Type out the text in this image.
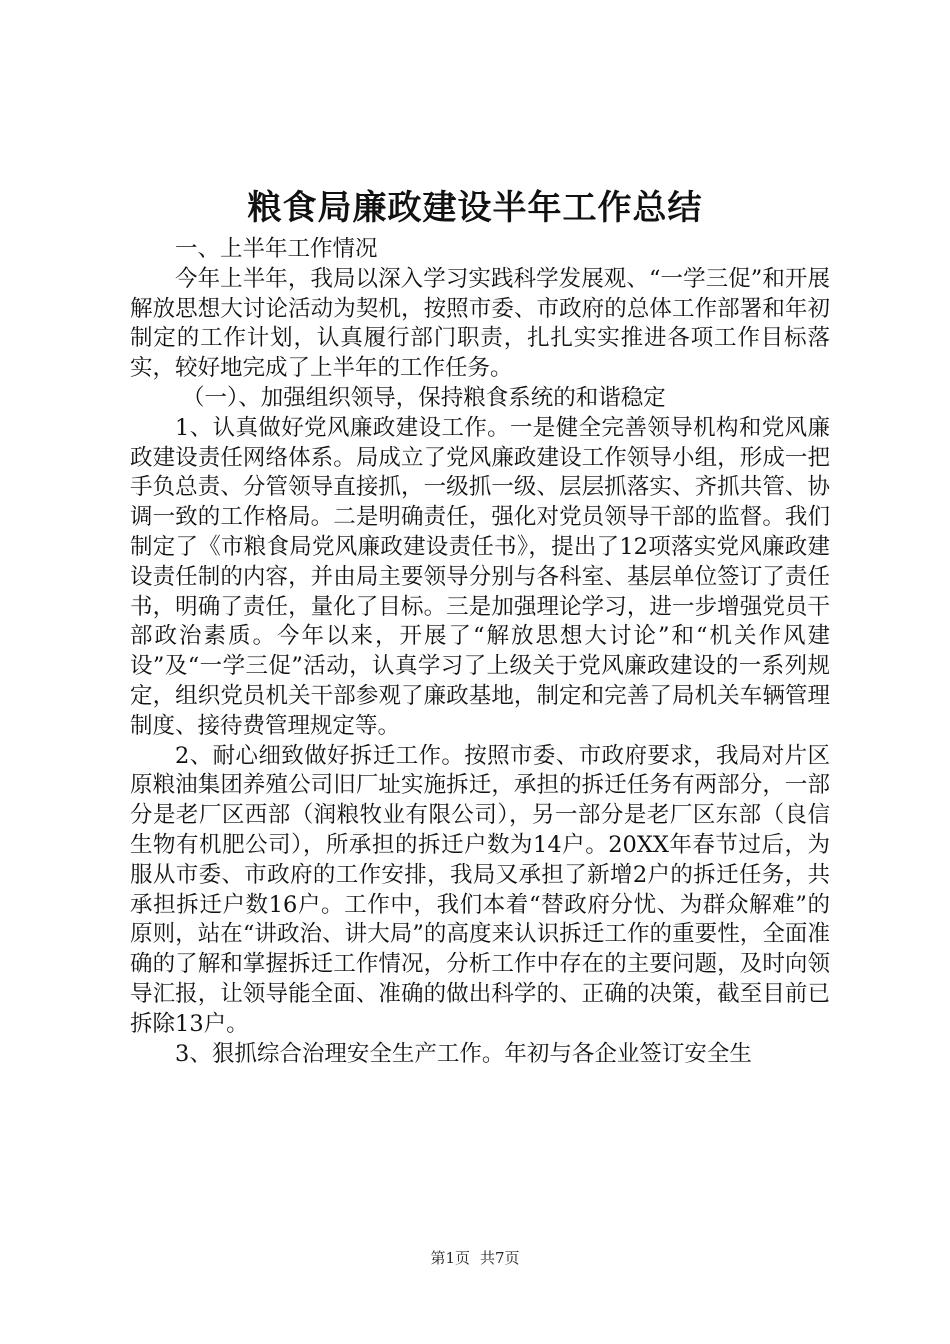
粮食局廉政建设半年工作总结

一、上半年工作情况

今年上半年，我局以深入学习实践科学发展观、“一学三促”和开展解放思想大讨论活动为契机，按照市委、市政府的总体工作部署和年初制定的工作计划，认真履行部门职责，扎扎实实推进各项工作目标落实，较好地完成了上半年的工作任务。

（一）、加强组织领导，保持粮食系统的和谐稳定

1、认真做好党风廉政建设工作。一是健全完善领导机构和党风廉政建设责任网络体系。局成立了党风廉政建设工作领导小组，形成一把手负总责、分管领导直接抓，一级抓一级、层层抓落实、齐抓共管、协调一致的工作格局。二是明确责任，强化对党员领导干部的监督。我们制定了《市粮食局党风廉政建设责任书》，提出了12项落实党风廉政建设责任制的内容，并由局主要领导分别与各科室、基层单位签订了责任书，明确了责任，量化了目标。三是加强理论学习，进一步增强党员干部政治素质。今年以来，开展了“解放思想大讨论”和“机关作风建设”及“一学三促”活动，认真学习了上级关于党风廉政建设的一系列规定，组织党员机关干部参观了廉政基地，制定和完善了局机关车辆管理制度、接待费管理规定等。

2、耐心细致做好拆迁工作。按照市委、市政府要求，我局对片区原粮油集团养殖公司旧厂址实施拆迁，承担的拆迁任务有两部分，一部分是老厂区西部（润粮牧业有限公司），另一部分是老厂区东部（良信生物有机肥公司），所承担的拆迁户数为14户。20XX年春节过后，为服从市委、市政府的工作安排，我局又承担了新增2户的拆迁任务，共承担拆迁户数16户。工作中，我们本着“替政府分忧、为群众解难”的原则，站在“讲政治、讲大局”的高度来认识拆迁工作的重要性，全面准确的了解和掌握拆迁工作情况，分析工作中存在的主要问题，及时向领导汇报，让领导能全面、准确的做出科学的、正确的决策，截至目前已拆除13户。

3、狠抓综合治理安全生产工作。年初与各企业签订安全生

第1页 共7页
